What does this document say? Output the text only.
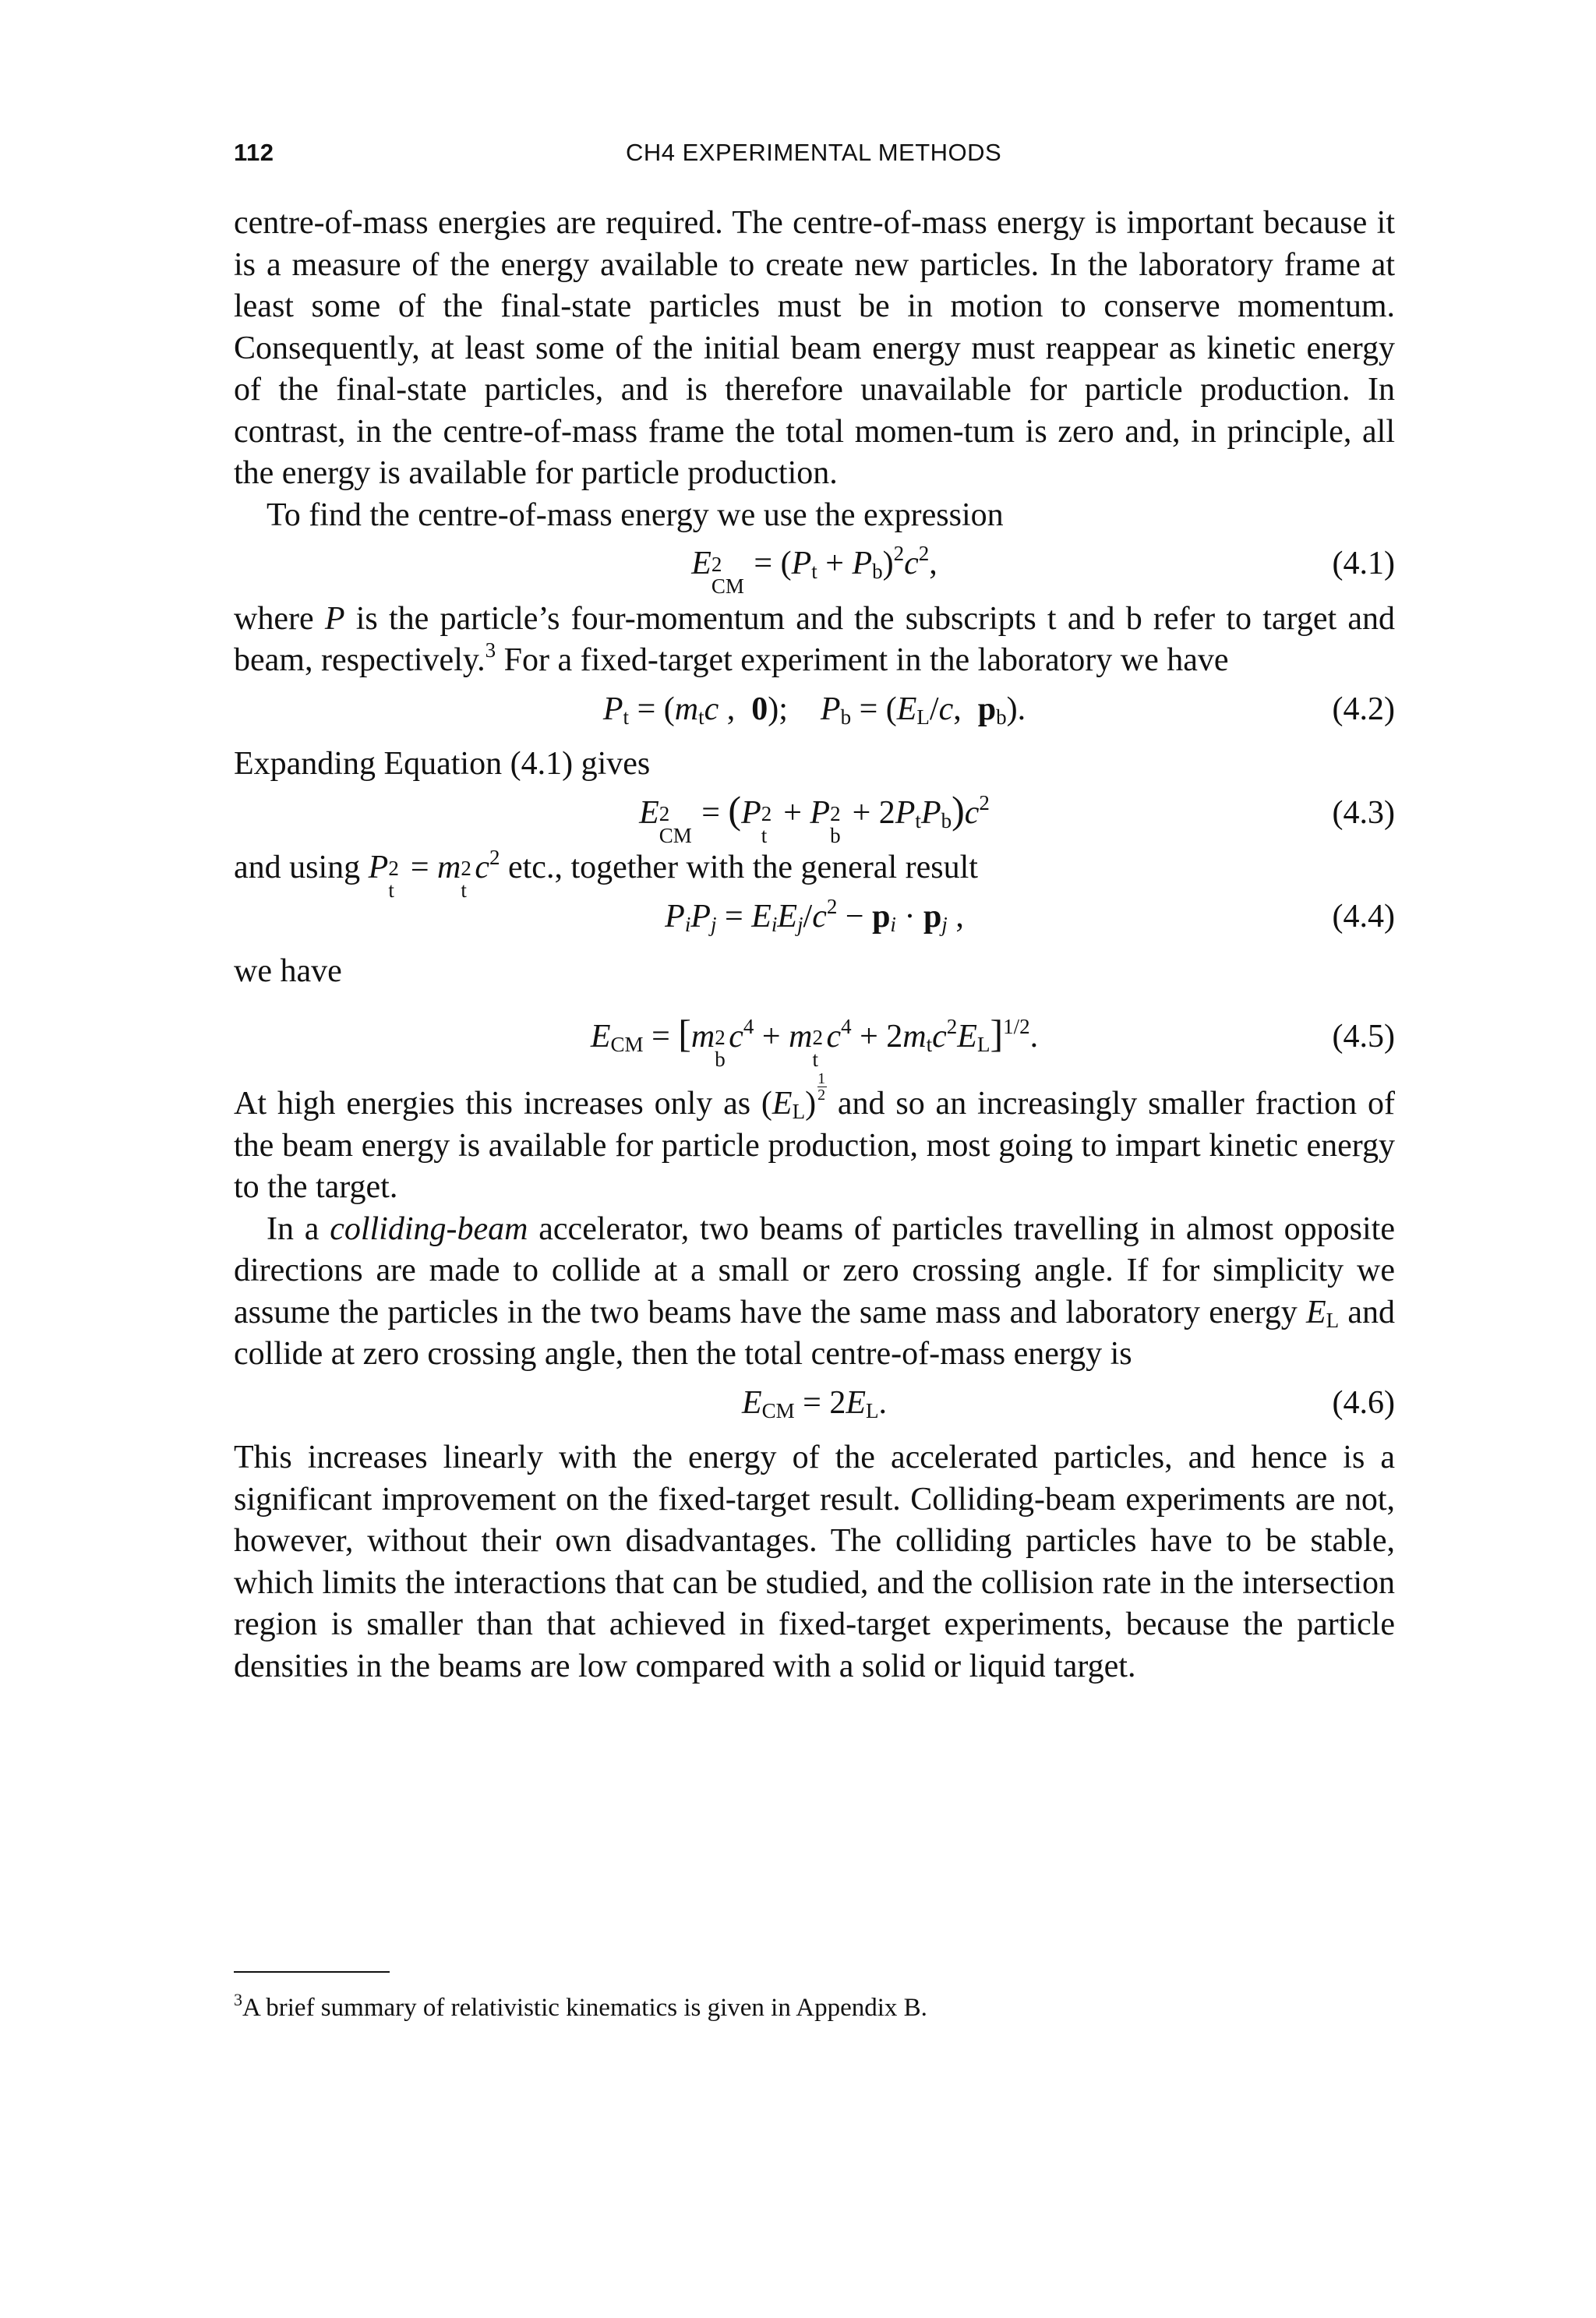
112	CH4 EXPERIMENTAL METHODS

centre-of-mass energies are required. The centre-of-mass energy is important because it is a measure of the energy available to create new particles. In the laboratory frame at least some of the final-state particles must be in motion to conserve momentum. Consequently, at least some of the initial beam energy must reappear as kinetic energy of the final-state particles, and is therefore unavailable for particle production. In contrast, in the centre-of-mass frame the total momen-tum is zero and, in principle, all the energy is available for particle production.

To find the centre-of-mass energy we use the expression

E 2
CM
= $(P_t + P_b)^2c^2$,	(4.1)

where P is the particle’s four-momentum and the subscripts t and b refer to target and beam, respectively.$^3$ For a fixed-target experiment in the laboratory we have

$P_t = (m_tc$ ,  0);    $P_b = (E_L/c$,  $p_b$).	(4.2)

Expanding Equation (4.1) gives

E 2
CM
= (P 2
t
+ P 2
b
+ $2P_tP_b)c^2$	(4.3)

and using P 2
t
= m 2
t
$c^2$ etc., together with the general result

$P_iP_j = E_iE_j/c^2 - p_i \cdot p_j$ ,	(4.4)

we have

$E_{CM} = [m$ 2
b
$c^4 + m$ 2
t
$c^4 + 2m_tc^2E_L]^{1/2}$.	(4.5)

At high energies this increases only as $(E_L) \frac{1}{2}$ and so an increasingly smaller fraction of the beam energy is available for particle production, most going to impart kinetic energy to the target.

In a colliding-beam accelerator, two beams of particles travelling in almost opposite directions are made to collide at a small or zero crossing angle. If for simplicity we assume the particles in the two beams have the same mass and laboratory energy $E_L$ and collide at zero crossing angle, then the total centre-of-mass energy is

$E_{CM} = 2E_L$.	(4.6)

This increases linearly with the energy of the accelerated particles, and hence is a significant improvement on the fixed-target result. Colliding-beam experiments are not, however, without their own disadvantages. The colliding particles have to be stable, which limits the interactions that can be studied, and the collision rate in the intersection region is smaller than that achieved in fixed-target experiments, because the particle densities in the beams are low compared with a solid or liquid target.

$^3$A brief summary of relativistic kinematics is given in Appendix B.
